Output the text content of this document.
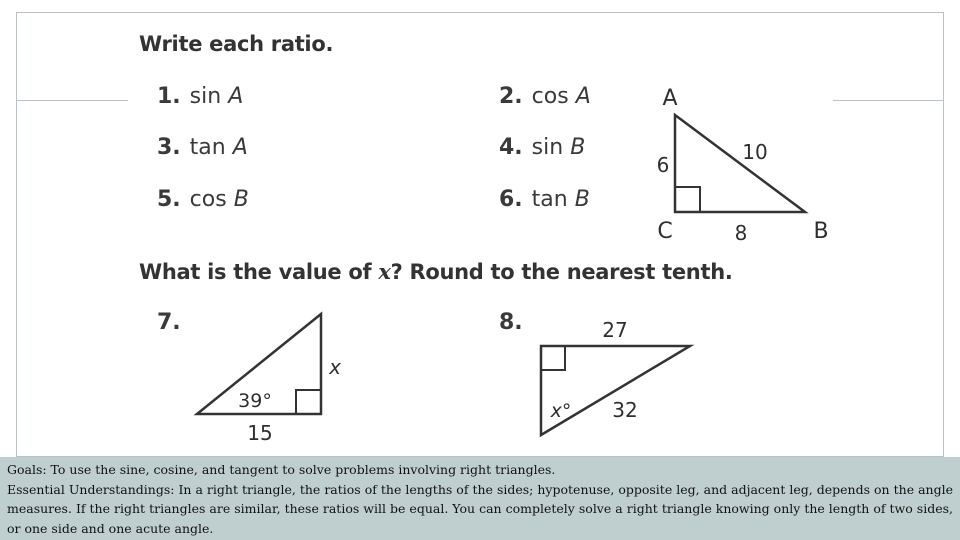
Write each ratio.
1. sin A	2. cos A
3. tan A	4. sin B
5. cos B	6. tan B
What is the value of x? Round to the nearest tenth.
7.	8.
A
C	B
6
10
8
39°
15
x
27
32
x°

Goals: To use the sine, cosine, and tangent to solve problems involving right triangles.

Essential Understandings: In a right triangle, the ratios of the lengths of the sides; hypotenuse, opposite leg, and adjacent leg, depends on the angle measures. If the right triangles are similar, these ratios will be equal. You can completely solve a right triangle knowing only the length of two sides, or one side and one acute angle.
